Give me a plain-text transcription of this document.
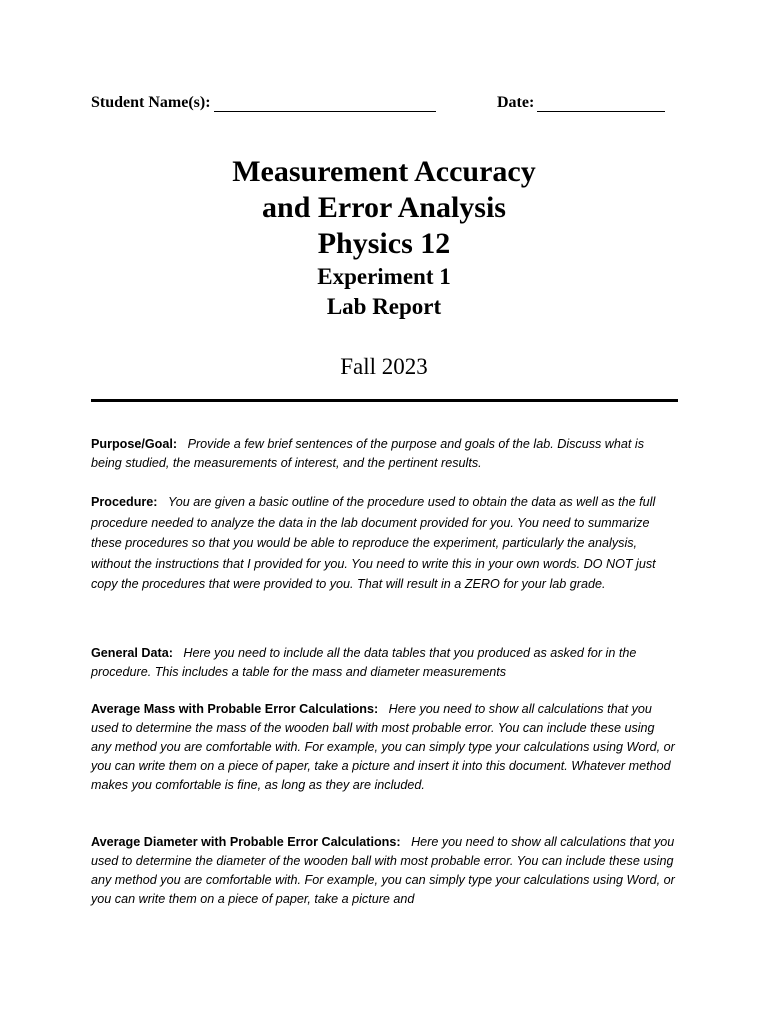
Student Name(s):	Date:
Measurement Accuracy
and Error Analysis
Physics 12
Experiment 1
Lab Report
Fall 2023
Purpose/Goal:   Provide a few brief sentences of the purpose and goals of the lab. Discuss what is being studied, the measurements of interest, and the pertinent results.
Procedure:   You are given a basic outline of the procedure used to obtain the data as well as the full procedure needed to analyze the data in the lab document provided for you. You need to summarize these procedures so that you would be able to reproduce the experiment, particularly the analysis, without the instructions that I provided for you. You need to write this in your own words. DO NOT just copy the procedures that were provided to you. That will result in a ZERO for your lab grade.
General Data:   Here you need to include all the data tables that you produced as asked for in the procedure. This includes a table for the mass and diameter measurements
Average Mass with Probable Error Calculations:   Here you need to show all calculations that you used to determine the mass of the wooden ball with most probable error. You can include these using any method you are comfortable with. For example, you can simply type your calculations using Word, or you can write them on a piece of paper, take a picture and insert it into this document. Whatever method makes you comfortable is fine, as long as they are included.
Average Diameter with Probable Error Calculations:   Here you need to show all calculations that you used to determine the diameter of the wooden ball with most probable error. You can include these using any method you are comfortable with. For example, you can simply type your calculations using Word, or you can write them on a piece of paper, take a picture and
